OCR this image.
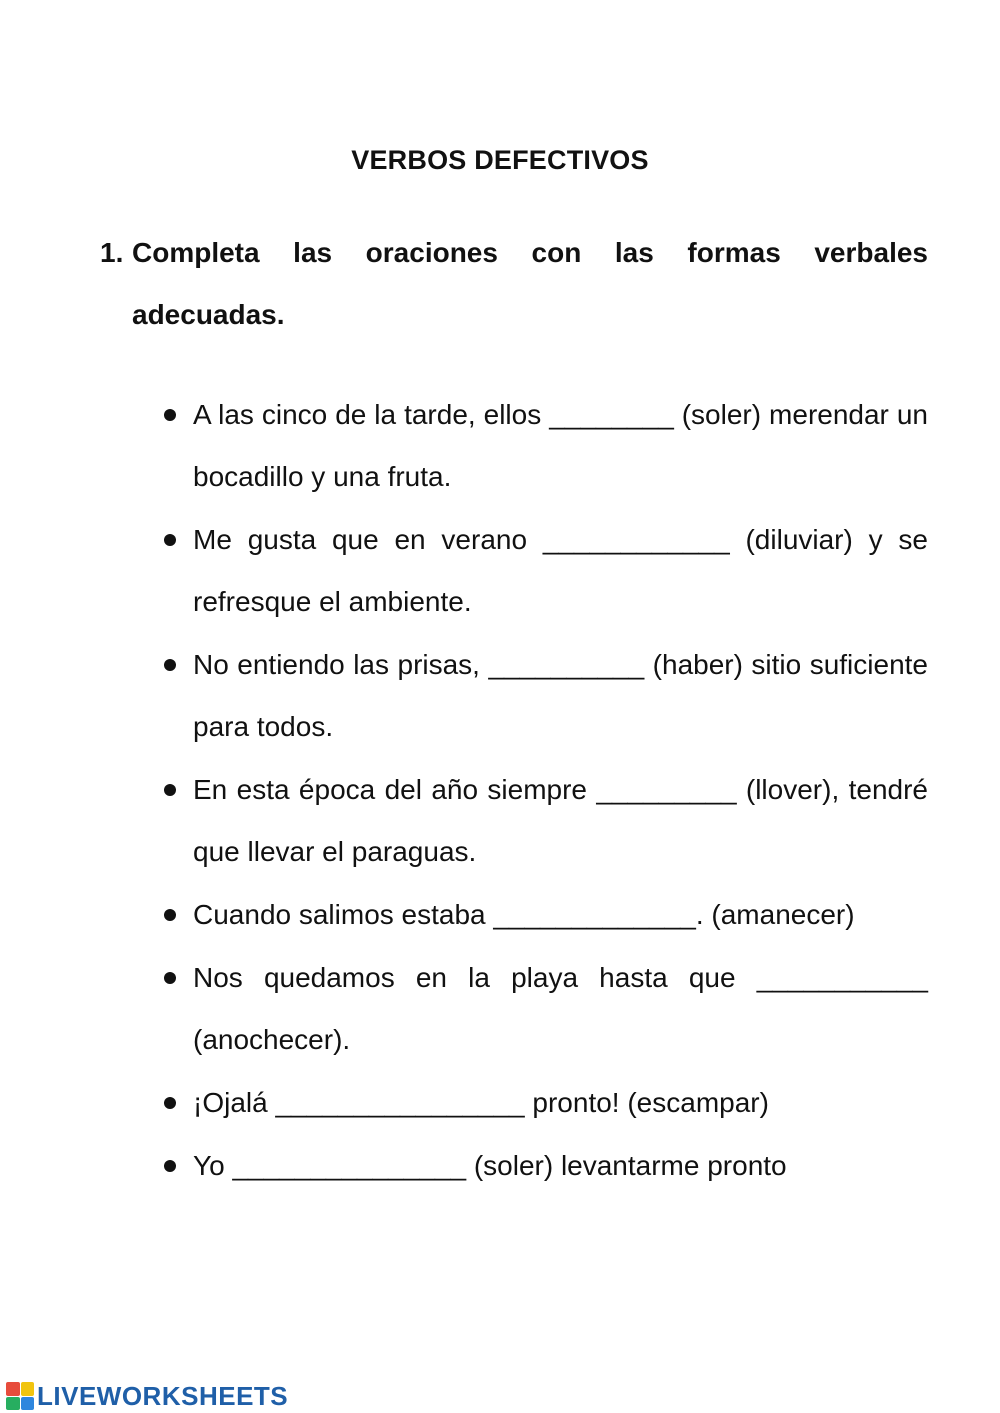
VERBOS DEFECTIVOS
1. Completa las oraciones con las formas verbales adecuadas.
A las cinco de la tarde, ellos ________ (soler) merendar un bocadillo y una fruta.
Me gusta que en verano ____________ (diluviar) y se refresque el ambiente.
No entiendo las prisas, __________ (haber) sitio suficiente para todos.
En esta época del año siempre _________ (llover), tendré que llevar el paraguas.
Cuando salimos estaba _____________. (amanecer)
Nos quedamos en la playa hasta que ___________ (anochecer).
¡Ojalá ________________ pronto! (escampar)
Yo _______________ (soler) levantarme pronto
LIVEWORKSHEETS
